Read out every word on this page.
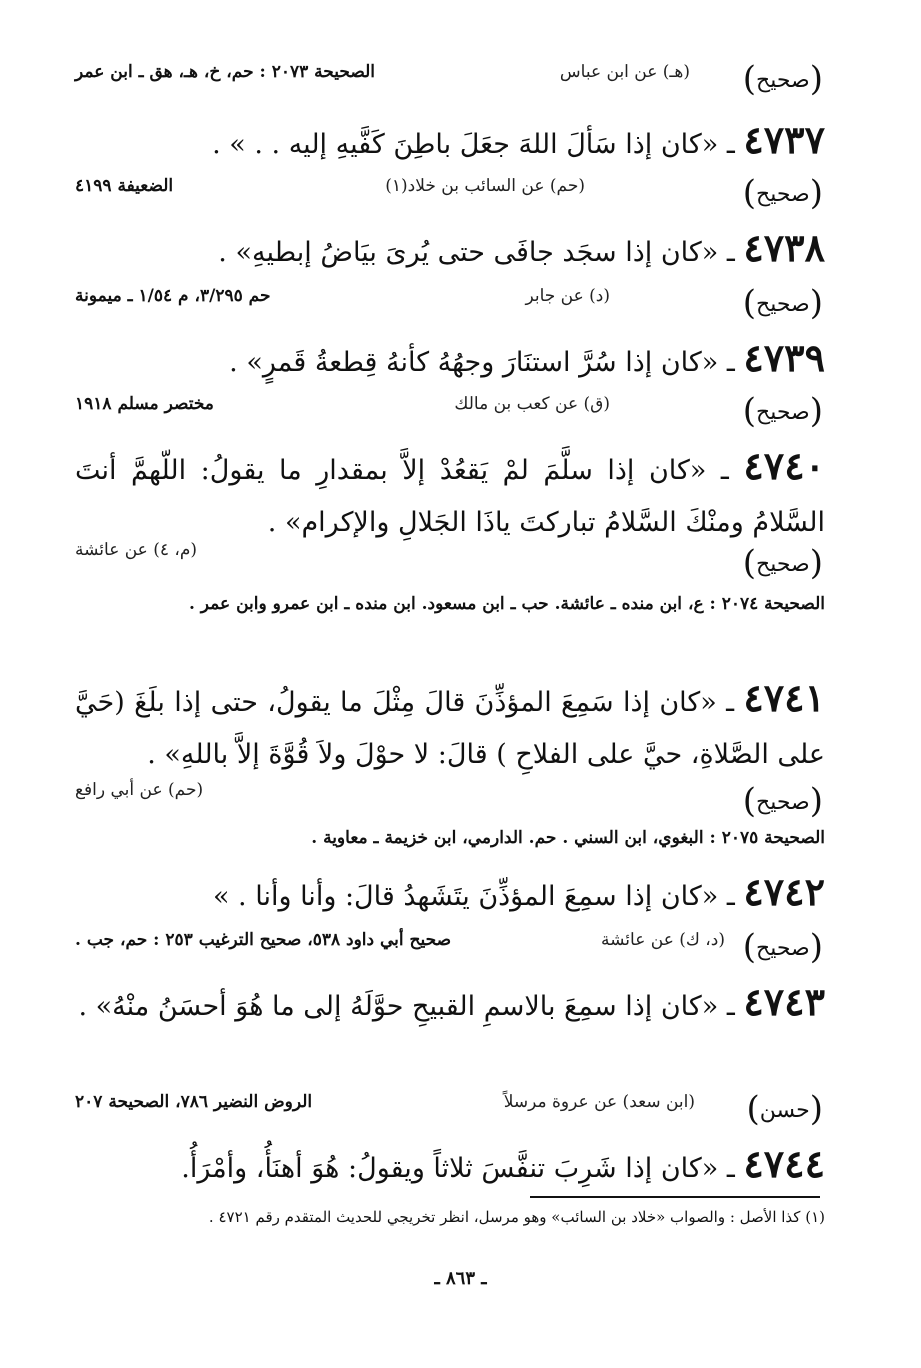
( صحيح )
(هـ) عن ابن عباس
الصحيحة ٢٠٧٣ : حم، خ، هـ، هق ـ ابن عمر
٤٧٣٧ ـ «كان إذا سَألَ اللهَ جعَلَ باطِنَ كَفَّيهِ إليه . . » .
( صحيح )
(حم) عن السائب بن خلاد(١)
الضعيفة ٤١٩٩
٤٧٣٨ ـ «كان إذا سجَد جافَى حتى يُرىَ بيَاضُ إبطيهِ» .
( صحيح )
(د) عن جابر
حم ٣/٢٩٥، م ١/٥٤ ـ ميمونة
٤٧٣٩ ـ «كان إذا سُرَّ استنَارَ وجهُهُ كأنهُ قِطعةُ قَمرٍ» .
( صحيح )
(ق) عن كعب بن مالك
مختصر مسلم ١٩١٨
٤٧٤٠ ـ «كان إذا سلَّمَ لمْ يَقعُدْ إلاَّ بمقدارِ ما يقولُ: اللّهمَّ أنتَ السَّلامُ ومنْكَ السَّلامُ تباركتَ ياذَا الجَلالِ والإكرام» .
( صحيح )
(م، ٤) عن عائشة
الصحيحة ٢٠٧٤ : ع، ابن منده ـ عائشة. حب ـ ابن مسعود. ابن منده ـ ابن عمرو وابن عمر .
٤٧٤١ ـ «كان إذا سَمِعَ المؤذِّنَ قالَ مِثْلَ ما يقولُ، حتى إذا بلَغَ (حَيَّ على الصَّلاةِ، حيَّ على الفلاحِ ) قالَ: لا حوْلَ ولاَ قُوَّةَ إلاَّ باللهِ» .
( صحيح )
(حم) عن أبي رافع
الصحيحة ٢٠٧٥ : البغوي، ابن السني . حم. الدارمي، ابن خزيمة ـ معاوية .
٤٧٤٢ ـ «كان إذا سمِعَ المؤذِّنَ يتَشَهدُ قالَ: وأنا وأنا . »
( صحيح )
(د، ك) عن عائشة
صحيح أبي داود ٥٣٨، صحيح الترغيب ٢٥٣ : حم، جب .
٤٧٤٣ ـ «كان إذا سمِعَ بالاسمِ القبيحِ حوَّلَهُ إلى ما هُوَ أحسَنُ منْهُ» .
( حسن )
(ابن سعد) عن عروة مرسلاً
الروض النضير ٧٨٦، الصحيحة ٢٠٧
٤٧٤٤ ـ «كان إذا شَرِبَ تنفَّسَ ثلاثاً ويقولُ: هُوَ أهنَأُ، وأمْرَأُ.
(١) كذا الأصل : والصواب «خلاد بن السائب» وهو مرسل، انظر تخريجي للحديث المتقدم رقم ٤٧٢١ .
ـ ٨٦٣ ـ
